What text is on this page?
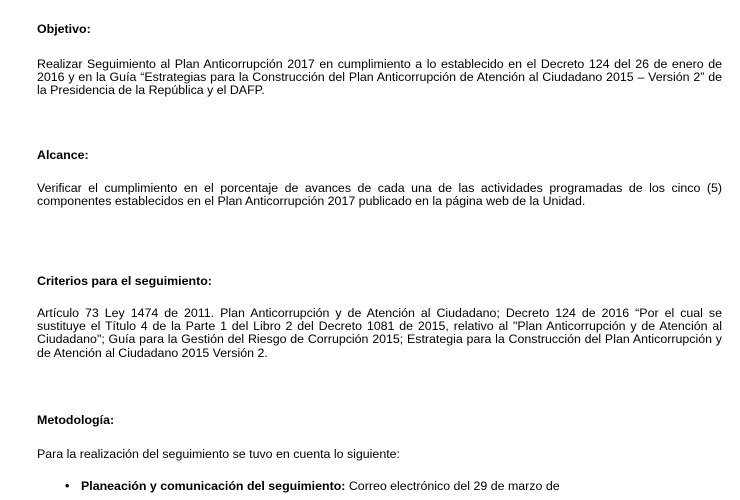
Objetivo:
Realizar Seguimiento al Plan Anticorrupción 2017 en cumplimiento a lo establecido en el Decreto 124 del 26 de enero de 2016 y en la Guía “Estrategias para la Construcción del Plan Anticorrupción de Atención al Ciudadano 2015 – Versión 2” de la Presidencia de la República y el DAFP.
Alcance:
Verificar el cumplimiento en el porcentaje de avances de cada una de las actividades programadas de los cinco (5) componentes establecidos en el Plan Anticorrupción 2017 publicado en la página web de la Unidad.
Criterios para el seguimiento:
Artículo 73 Ley 1474 de 2011. Plan Anticorrupción y de Atención al Ciudadano; Decreto 124 de 2016 “Por el cual se sustituye el Título 4 de la Parte 1 del Libro 2 del Decreto 1081 de 2015, relativo al "Plan Anticorrupción y de Atención al Ciudadano"; Guía para la Gestión del Riesgo de Corrupción 2015; Estrategia para la Construcción del Plan Anticorrupción y de Atención al Ciudadano 2015 Versión 2.
Metodología:
Para la realización del seguimiento se tuvo en cuenta lo siguiente:
• Planeación y comunicación del seguimiento: Correo electrónico del 29 de marzo de
